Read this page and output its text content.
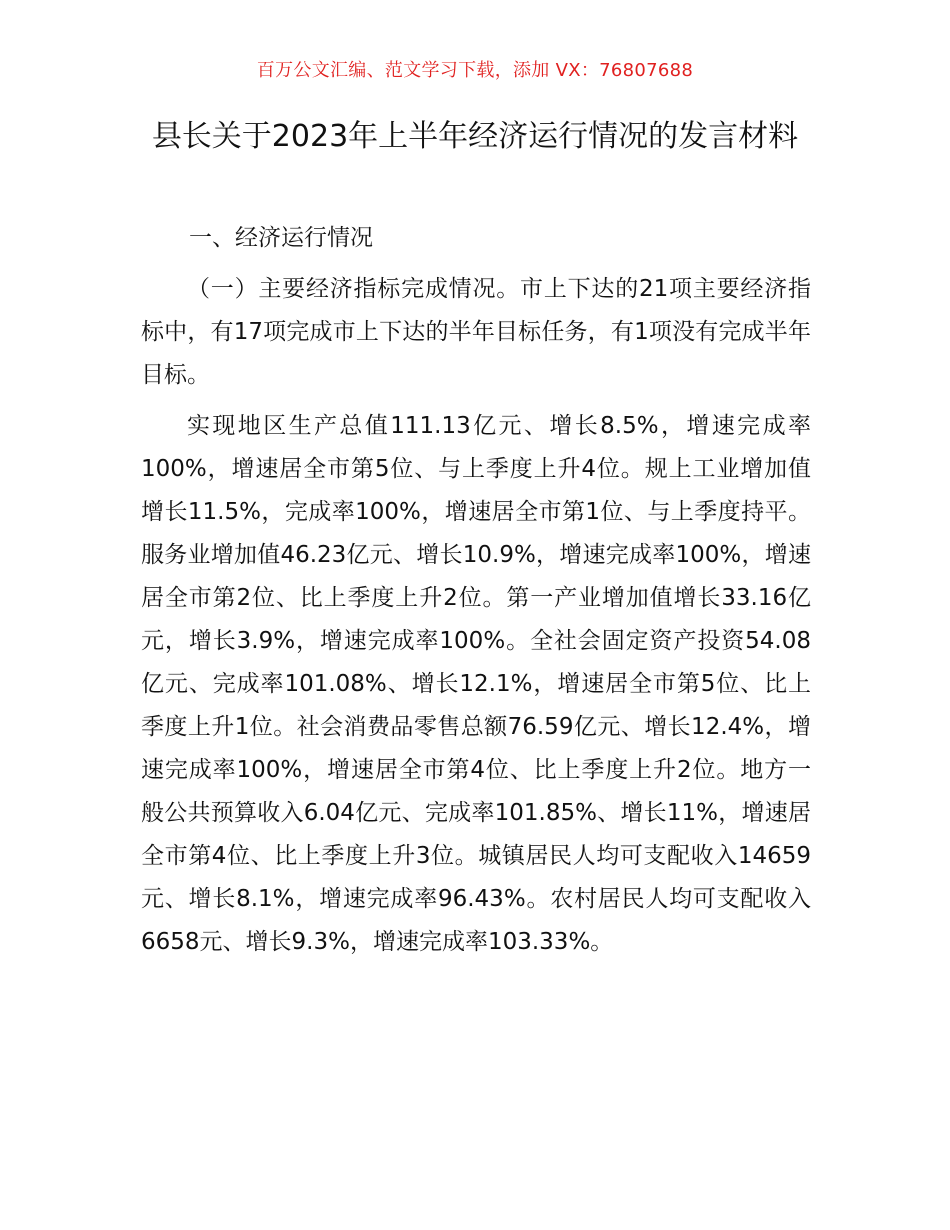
百万公文汇编、范文学习下载，添加 VX：76807688
县长关于2023年上半年经济运行情况的发言材料
一、经济运行情况

（一）主要经济指标完成情况。市上下达的21项主要经济指标中，有17项完成市上下达的半年目标任务，有1项没有完成半年目标。

实现地区生产总值111.13亿元、增长8.5%，增速完成率100%，增速居全市第5位、与上季度上升4位。规上工业增加值增长11.5%，完成率100%，增速居全市第1位、与上季度持平。服务业增加值46.23亿元、增长10.9%，增速完成率100%，增速居全市第2位、比上季度上升2位。第一产业增加值增长33.16亿元，增长3.9%，增速完成率100%。全社会固定资产投资54.08亿元、完成率101.08%、增长12.1%，增速居全市第5位、比上季度上升1位。社会消费品零售总额76.59亿元、增长12.4%，增速完成率100%，增速居全市第4位、比上季度上升2位。地方一般公共预算收入6.04亿元、完成率101.85%、增长11%，增速居全市第4位、比上季度上升3位。城镇居民人均可支配收入14659元、增长8.1%，增速完成率96.43%。农村居民人均可支配收入6658元、增长9.3%，增速完成率103.33%。
